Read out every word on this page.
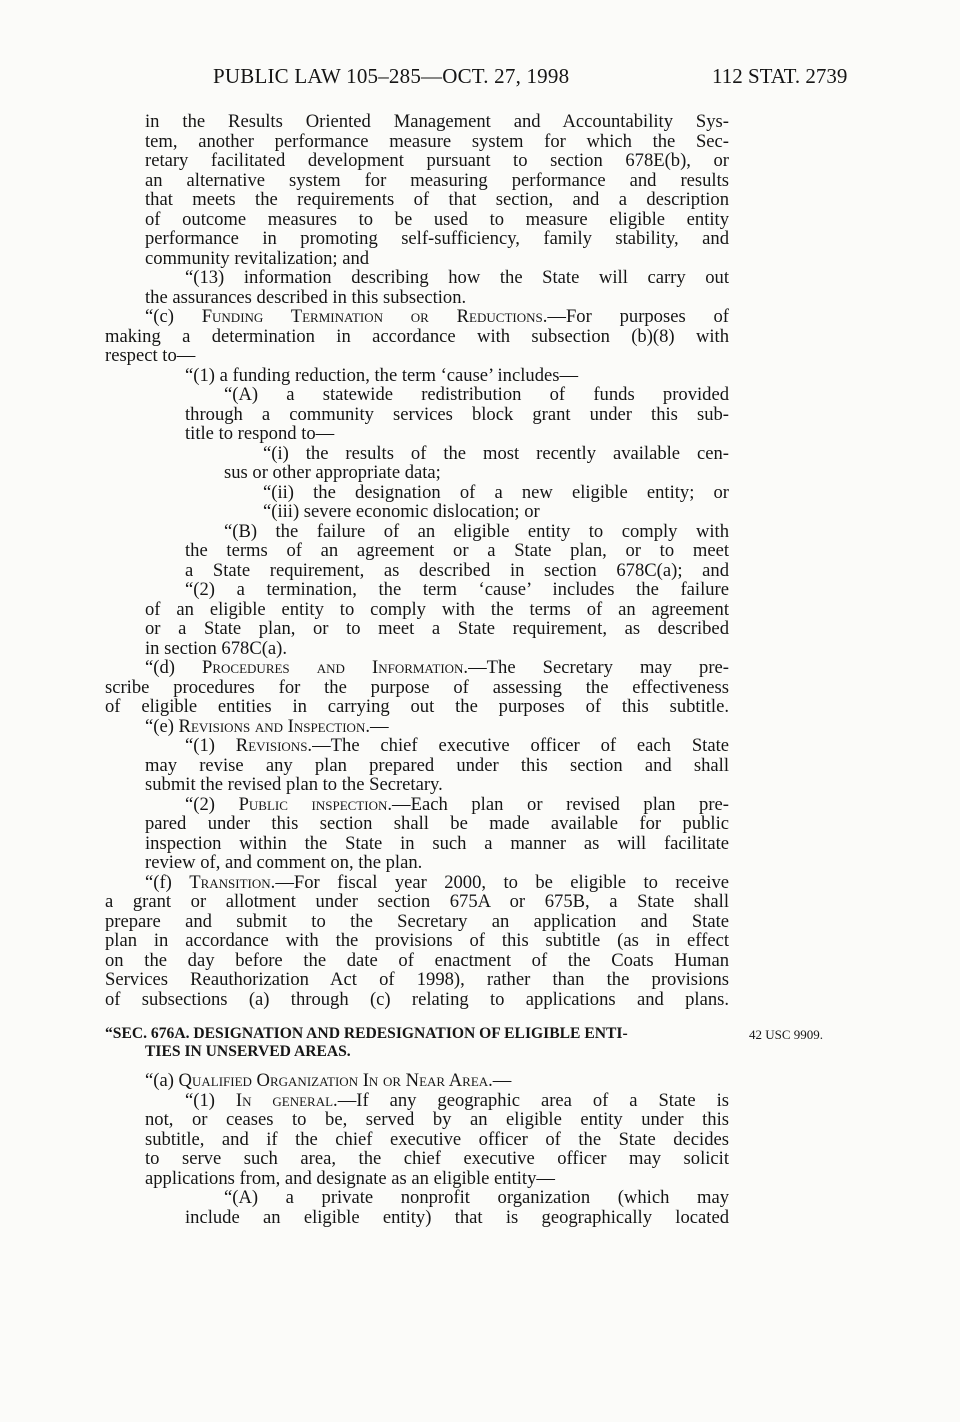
PUBLIC LAW 105–285—OCT. 27, 1998	112 STAT. 2739
in the Results Oriented Management and Accountability Sys-
tem, another performance measure system for which the Sec-
retary facilitated development pursuant to section 678E(b), or
an alternative system for measuring performance and results
that meets the requirements of that section, and a description
of outcome measures to be used to measure eligible entity
performance in promoting self-sufficiency, family stability, and
community revitalization; and
“(13) information describing how the State will carry out
the assurances described in this subsection.
“(c) Funding Termination or Reductions.—For purposes of
making a determination in accordance with subsection (b)(8) with
respect to—
“(1) a funding reduction, the term ‘cause’ includes—
“(A) a statewide redistribution of funds provided
through a community services block grant under this sub-
title to respond to—
“(i) the results of the most recently available cen-
sus or other appropriate data;
“(ii) the designation of a new eligible entity; or
“(iii) severe economic dislocation; or
“(B) the failure of an eligible entity to comply with
the terms of an agreement or a State plan, or to meet
a State requirement, as described in section 678C(a); and
“(2) a termination, the term ‘cause’ includes the failure
of an eligible entity to comply with the terms of an agreement
or a State plan, or to meet a State requirement, as described
in section 678C(a).
“(d) Procedures and Information.—The Secretary may pre-
scribe procedures for the purpose of assessing the effectiveness
of eligible entities in carrying out the purposes of this subtitle.
“(e) Revisions and Inspection.—
“(1) Revisions.—The chief executive officer of each State
may revise any plan prepared under this section and shall
submit the revised plan to the Secretary.
“(2) Public inspection.—Each plan or revised plan pre-
pared under this section shall be made available for public
inspection within the State in such a manner as will facilitate
review of, and comment on, the plan.
“(f) Transition.—For fiscal year 2000, to be eligible to receive
a grant or allotment under section 675A or 675B, a State shall
prepare and submit to the Secretary an application and State
plan in accordance with the provisions of this subtitle (as in effect
on the day before the date of enactment of the Coats Human
Services Reauthorization Act of 1998), rather than the provisions
of subsections (a) through (c) relating to applications and plans.
“SEC. 676A. DESIGNATION AND REDESIGNATION OF ELIGIBLE ENTI-
TIES IN UNSERVED AREAS.
42 USC 9909.
“(a) Qualified Organization In or Near Area.—
“(1) In general.—If any geographic area of a State is
not, or ceases to be, served by an eligible entity under this
subtitle, and if the chief executive officer of the State decides
to serve such area, the chief executive officer may solicit
applications from, and designate as an eligible entity—
“(A) a private nonprofit organization (which may
include an eligible entity) that is geographically located
